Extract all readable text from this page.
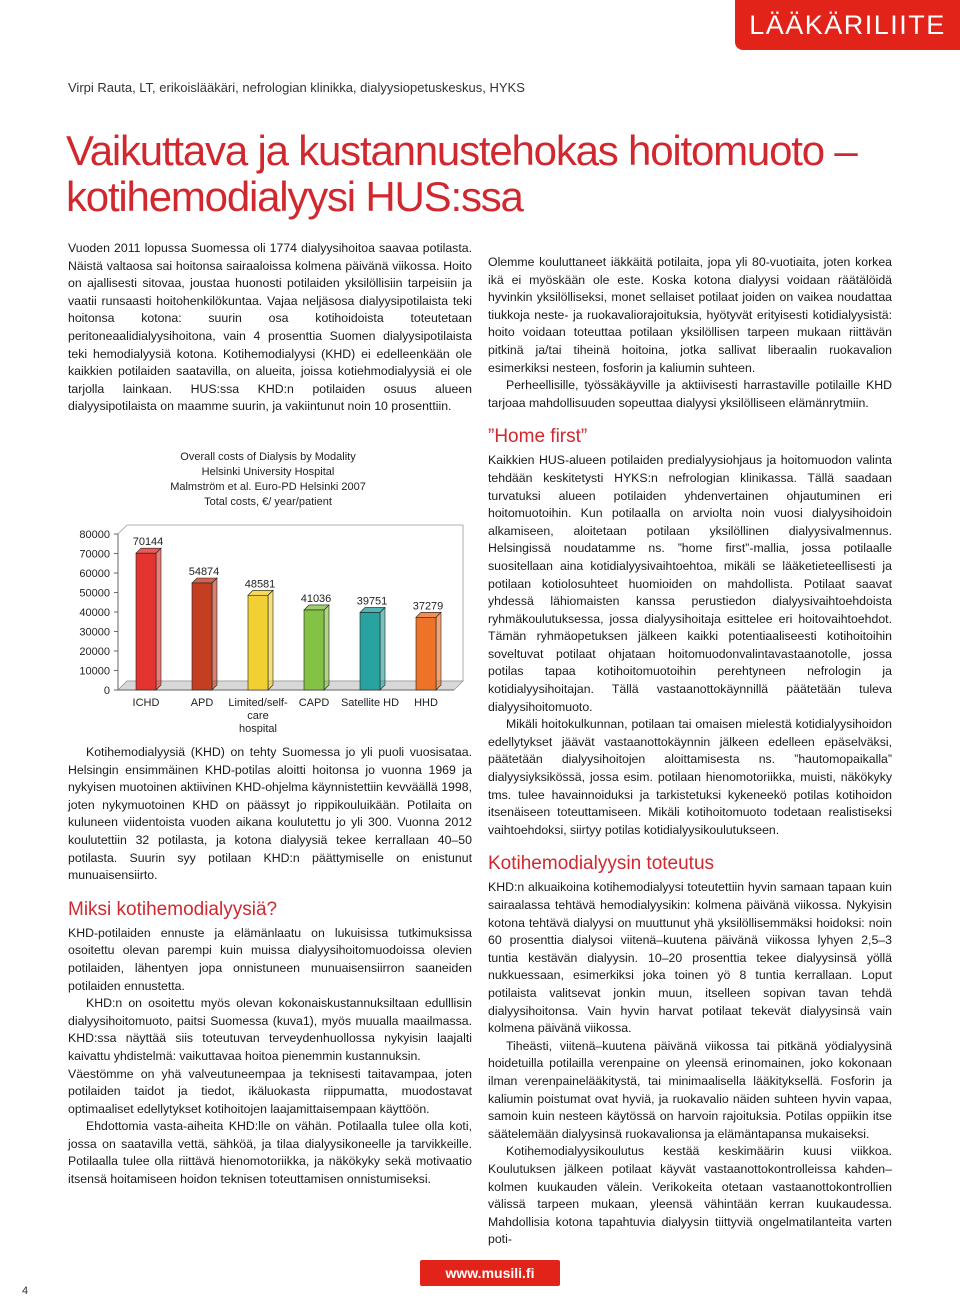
LÄÄKÄRILIITE
Virpi Rauta, LT, erikoislääkäri, nefrologian klinikka, dialyysiopetuskeskus, HYKS
Vaikuttava ja kustannustehokas hoitomuoto –
kotihemodialyysi HUS:ssa

Vuoden 2011 lopussa Suomessa oli 1774 dialyysihoitoa saavaa potilasta. Näistä valtaosa sai hoitonsa sairaaloissa kolmena päivänä viikossa. Hoito on ajallisesti sitovaa, joustaa huonosti potilaiden yksilöllisiin tarpeisiin ja vaatii runsaasti hoitohenkilökuntaa. Vajaa neljäsosa dialyysipotilaista teki hoitonsa kotona: suurin osa kotihoidoista toteutetaan peritoneaalidialyysihoitona, vain 4 prosenttia Suomen dialyysipotilaista teki hemodialyysiä kotona. Kotihemodialyysi (KHD) ei edelleenkään ole kaikkien potilaiden saatavilla, on alueita, joissa kotiehmodialyysiä ei ole tarjolla lainkaan. HUS:ssa KHD:n potilaiden osuus alueen dialyysipotilaista on maamme suurin, ja vakiintunut noin 10 prosenttiin.

Overall costs of Dialysis by Modality
Helsinki University Hospital
Malmström et al. Euro-PD Helsinki 2007
Total costs, €/ year/patient
80000
70000
60000
50000
40000
30000
20000
10000
0
70144
54874
48581
41036 39751 37279
ICHD	APD Limited/self-
care
hospital
CAPD Satellite HD HHD

Kotihemodialyysiä (KHD) on tehty Suomessa jo yli puoli vuosisataa. Helsingin ensimmäinen KHD-potilas aloitti hoitonsa jo vuonna 1969 ja nykyisen muotoinen aktiivinen KHD-ohjelma käynnistettiin kevväällä 1998, joten nykymuotoinen KHD on päässyt jo rippikouluikään. Potilaita on kuluneen viidentoista vuoden aikana koulutettu jo yli 300. Vuonna 2012 koulutettiin 32 potilasta, ja kotona dialyysiä tekee kerrallaan 40–50 potilasta. Suurin syy potilaan KHD:n päättymiselle on enistunut munuaisensiirto.

Miksi kotihemodialyysiä?

KHD-potilaiden ennuste ja elämänlaatu on lukuisissa tutkimuksissa osoitettu olevan parempi kuin muissa dialyysihoitomuodoissa olevien potilaiden, lähentyen jopa onnistuneen munuaisensiirron saaneiden potilaiden ennustetta.

KHD:n on osoitettu myös olevan kokonaiskustannuksiltaan edulllisin dialyysihoitomuoto, paitsi Suomessa (kuva1), myös muualla maailmassa. KHD:ssa näyttää siis toteutuvan terveydenhuollossa nykyisin laajalti kaivattu yhdistelmä: vaikuttavaa hoitoa pienemmin kustannuksin.

Väestömme on yhä valveutuneempaa ja teknisesti taitavampaa, joten potilaiden taidot ja tiedot, ikäluokasta riippumatta, muodostavat optimaaliset edellytykset kotihoitojen laajamittaisempaan käyttöön.

Ehdottomia vasta-aiheita KHD:lle on vähän. Potilaalla tulee olla koti, jossa on saatavilla vettä, sähköä, ja tilaa dialyysikoneelle ja tarvikkeille. Potilaalla tulee olla riittävä hienomotoriikka, ja näkökyky sekä motivaatio itsensä hoitamiseen hoidon teknisen toteuttamisen onnistumiseksi.

Olemme kouluttaneet iäkkäitä potilaita, jopa yli 80-vuotiaita, joten korkea ikä ei myöskään ole este. Koska kotona dialyysi voidaan räätälöidä hyvinkin yksilölliseksi, monet sellaiset potilaat joiden on vaikea noudattaa tiukkoja neste- ja ruokavaliorajoituksia, hyötyvät erityisesti kotidialyysistä: hoito voidaan toteuttaa potilaan yksilöllisen tarpeen mukaan riittävän pitkinä ja/tai tiheinä hoitoina, jotka sallivat liberaalin ruokavalion esimerkiksi nesteen, fosforin ja kaliumin suhteen.

Perheellisille, työssäkäyville ja aktiivisesti harrastaville potilaille KHD tarjoaa mahdollisuuden sopeuttaa dialyysi yksilölliseen elämänrytmiin.

”Home first”

Kaikkien HUS-alueen potilaiden predialyysiohjaus ja hoitomuodon valinta tehdään keskitetysti HYKS:n nefrologian klinikassa. Tällä saadaan turvatuksi alueen potilaiden yhdenvertainen ohjautuminen eri hoitomuotoihin. Kun potilaalla on arviolta noin vuosi dialyysihoidoin alkamiseen, aloitetaan potilaan yksilöllinen dialyysivalmennus. Helsingissä noudatamme ns. ”home first”-mallia, jossa potilaalle suositellaan aina kotidialyysivaihtoehtoa, mikäli se lääketieteellisesti ja potilaan kotiolosuhteet huomioiden on mahdollista. Potilaat saavat yhdessä lähiomaisten kanssa perustiedon dialyysivaihtoehdoista ryhmäkoulutuksessa, jossa dialyysihoitaja esittelee eri hoitovaihtoehdot. Tämän ryhmäopetuksen jälkeen kaikki potentiaaliseesti kotihoitoihin soveltuvat potilaat ohjataan hoitomuodonvalintavastaanotolle, jossa potilas tapaa kotihoitomuotoihin perehtyneen nefrologin ja kotidialyysihoitajan. Tällä vastaanottokäynnillä päätetään tuleva dialyysihoitomuoto.

Mikäli hoitokulkunnan, potilaan tai omaisen mielestä kotidialyysihoidon edellytykset jäävät vastaanottokäynnin jälkeen edelleen epäselväksi, päätetään dialyysihoitojen aloittamisesta ns. ”hautomopaikalla” dialyysiyksikössä, jossa esim. potilaan hienomotoriikka, muisti, näkökyky tms. tulee havainnoiduksi ja tarkistetuksi kykeneekö potilas kotihoidon itsenäiseen toteuttamiseen. Mikäli kotihoitomuoto todetaan realistiseksi vaihtoehdoksi, siirtyy potilas kotidialyysikoulutukseen.

Kotihemodialyysin toteutus

KHD:n alkuaikoina kotihemodialyysi toteutettiin hyvin samaan tapaan kuin sairaalassa tehtävä hemodialyysikin: kolmena päivänä viikossa. Nykyisin kotona tehtävä dialyysi on muuttunut yhä yksilöllisemmäksi hoidoksi: noin 60 prosenttia dialysoi viitenä–kuutena päivänä viikossa lyhyen 2,5–3 tuntia kestävän dialyysin. 10–20 prosenttia tekee dialyysinsä yöllä nukkuessaan, esimerkiksi joka toinen yö 8 tuntia kerrallaan. Loput potilaista valitsevat jonkin muun, itselleen sopivan tavan tehdä dialyysihoitonsa. Vain hyvin harvat potilaat tekevät dialyysinsä vain kolmena päivänä viikossa.

Tiheästi, viitenä–kuutena päivänä viikossa tai pitkänä yödialyysinä hoidetuilla potilailla verenpaine on yleensä erinomainen, joko kokonaan ilman verenpainelääkitystä, tai minimaalisella lääkityksellä. Fosforin ja kaliumin poistumat ovat hyviä, ja ruokavalio näiden suhteen hyvin vapaa, samoin kuin nesteen käytössä on harvoin rajoituksia. Potilas oppiikin itse säätelemään dialyysinsä ruokavalionsa ja elämäntapansa mukaiseksi.

Kotihemodialyysikoulutus kestää keskimäärin kuusi viikkoa. Koulutuksen jälkeen potilaat käyvät vastaanottokontrolleissa kahden–kolmen kuukauden välein. Verikokeita otetaan vastaanottokontrollien välissä tarpeen mukaan, yleensä vähintään kerran kuukaudessa. Mahdollisia kotona tapahtuvia dialyysin tiittyviä ongelmatilanteita varten poti-

www.musili.fi
4
